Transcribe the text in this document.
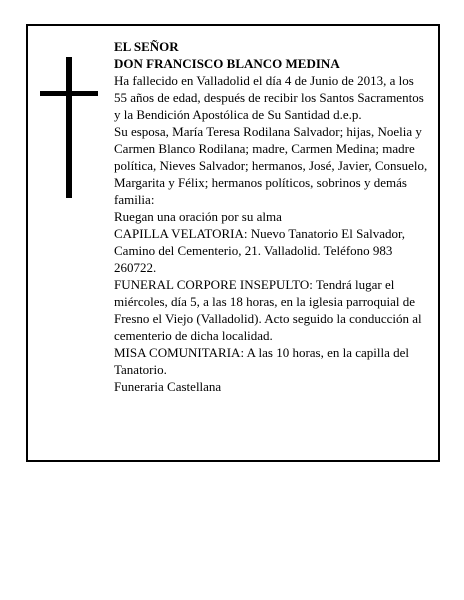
EL SEÑOR

DON FRANCISCO BLANCO MEDINA

Ha fallecido en Valladolid el día 4 de Junio de 2013, a los 55 años de edad, después de recibir los Santos Sacramentos y la Bendición Apostólica de Su Santidad d.e.p.

Su esposa, María Teresa Rodilana Salvador; hijas, Noelia y Carmen Blanco Rodilana; madre, Carmen Medina; madre política, Nieves Salvador; hermanos, José, Javier, Consuelo, Margarita y Félix; hermanos políticos, sobrinos y demás familia:

Ruegan una oración por su alma

CAPILLA VELATORIA: Nuevo Tanatorio El Salvador, Camino del Cementerio, 21. Valladolid. Teléfono 983 260722.

FUNERAL CORPORE INSEPULTO: Tendrá lugar el miércoles, día 5, a las 18 horas, en la iglesia parroquial de Fresno el Viejo (Valladolid). Acto seguido la conducción al cementerio de dicha localidad.

MISA COMUNITARIA: A las 10 horas, en la capilla del Tanatorio.

Funeraria Castellana
